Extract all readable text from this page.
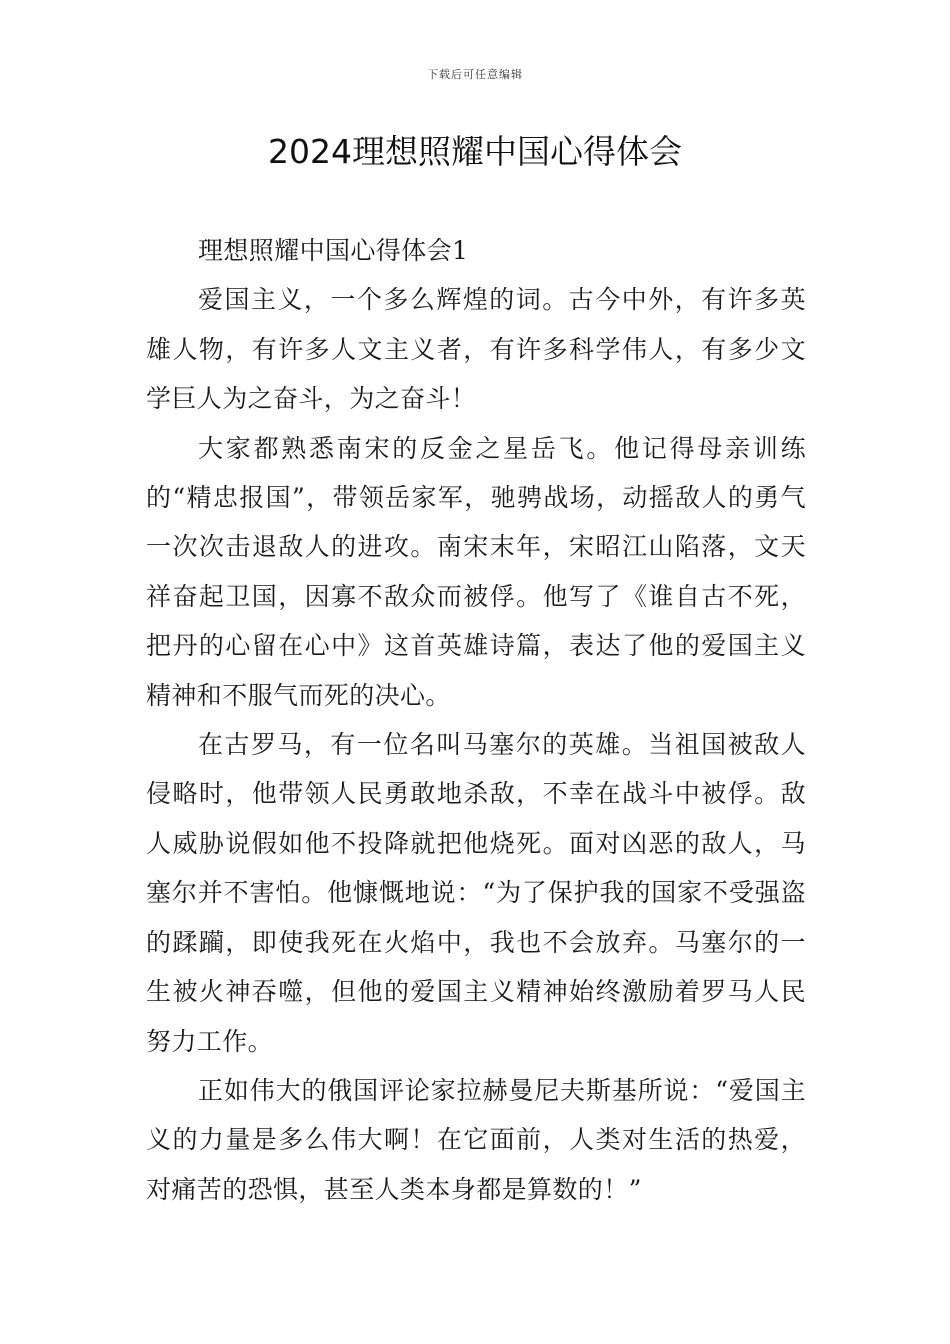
下载后可任意编辑
2024理想照耀中国心得体会

理想照耀中国心得体会1

爱国主义，一个多么辉煌的词。古今中外，有许多英雄人物，有许多人文主义者，有许多科学伟人，有多少文学巨人为之奋斗，为之奋斗！

大家都熟悉南宋的反金之星岳飞。他记得母亲训练的“精忠报国”，带领岳家军，驰骋战场，动摇敌人的勇气一次次击退敌人的进攻。南宋末年，宋昭江山陷落，文天祥奋起卫国，因寡不敌众而被俘。他写了《谁自古不死，把丹的心留在心中》这首英雄诗篇，表达了他的爱国主义精神和不服气而死的决心。

在古罗马，有一位名叫马塞尔的英雄。当祖国被敌人侵略时，他带领人民勇敢地杀敌，不幸在战斗中被俘。敌人威胁说假如他不投降就把他烧死。面对凶恶的敌人，马塞尔并不害怕。他慷慨地说：“为了保护我的国家不受强盗的蹂躏，即使我死在火焰中，我也不会放弃。马塞尔的一生被火神吞噬，但他的爱国主义精神始终激励着罗马人民努力工作。

正如伟大的俄国评论家拉赫曼尼夫斯基所说：“爱国主义的力量是多么伟大啊！在它面前，人类对生活的热爱，对痛苦的恐惧，甚至人类本身都是算数的！”
